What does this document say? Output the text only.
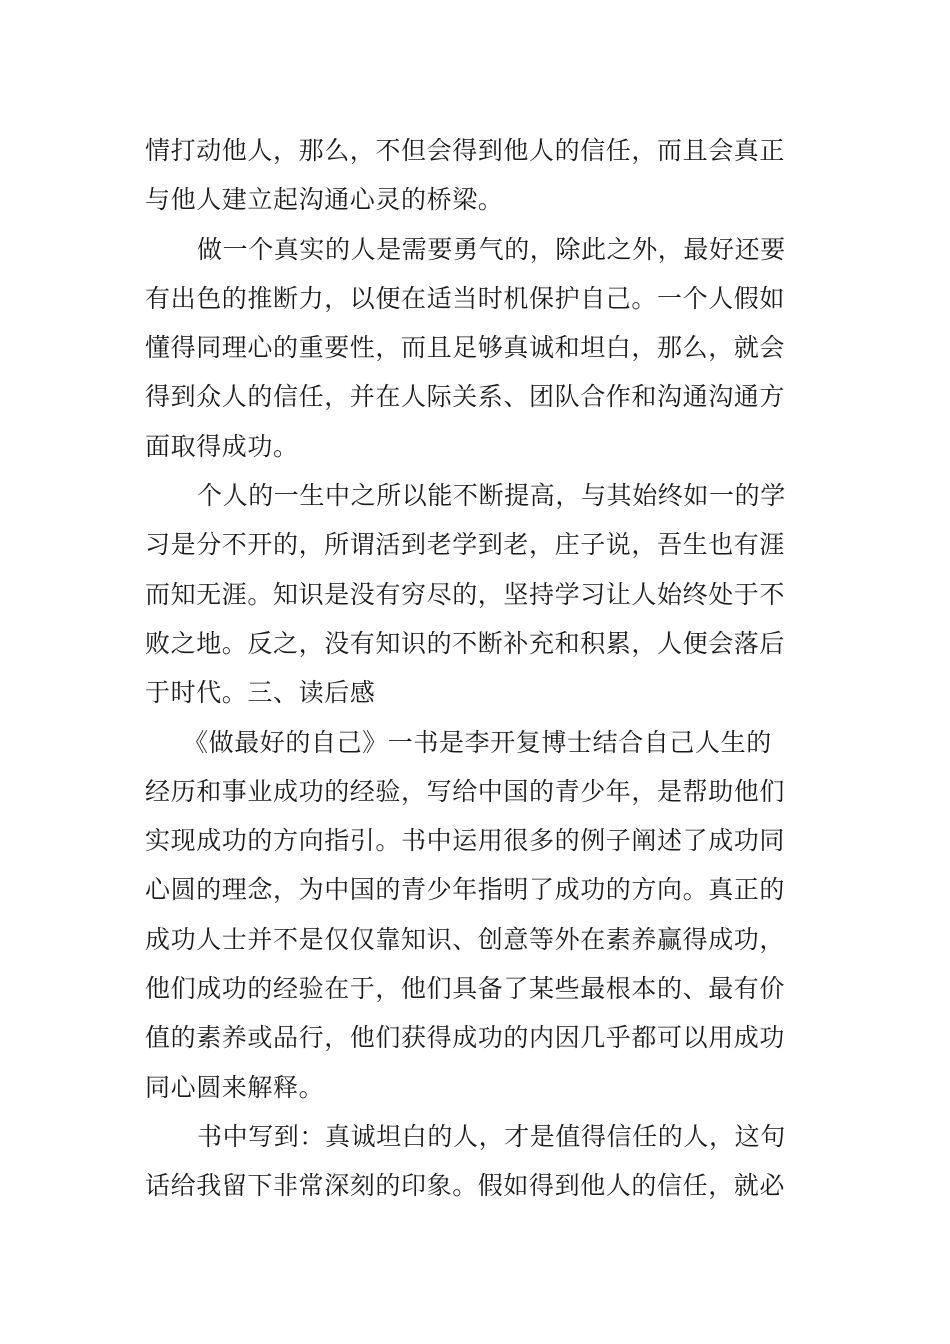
情打动他人，那么，不但会得到他人的信任，而且会真正
与他人建立起沟通心灵的桥梁。
做一个真实的人是需要勇气的，除此之外，最好还要
有出色的推断力，以便在适当时机保护自己。一个人假如
懂得同理心的重要性，而且足够真诚和坦白，那么，就会
得到众人的信任，并在人际关系、团队合作和沟通沟通方
面取得成功。
个人的一生中之所以能不断提高，与其始终如一的学
习是分不开的，所谓活到老学到老，庄子说，吾生也有涯
而知无涯。知识是没有穷尽的，坚持学习让人始终处于不
败之地。反之，没有知识的不断补充和积累，人便会落后
于时代。三、读后感
《做最好的自己》一书是李开复博士结合自己人生的
经历和事业成功的经验，写给中国的青少年，是帮助他们
实现成功的方向指引。书中运用很多的例子阐述了成功同
心圆的理念，为中国的青少年指明了成功的方向。真正的
成功人士并不是仅仅靠知识、创意等外在素养赢得成功，
他们成功的经验在于，他们具备了某些最根本的、最有价
值的素养或品行，他们获得成功的内因几乎都可以用成功
同心圆来解释。
书中写到：真诚坦白的人，才是值得信任的人，这句
话给我留下非常深刻的印象。假如得到他人的信任，就必
